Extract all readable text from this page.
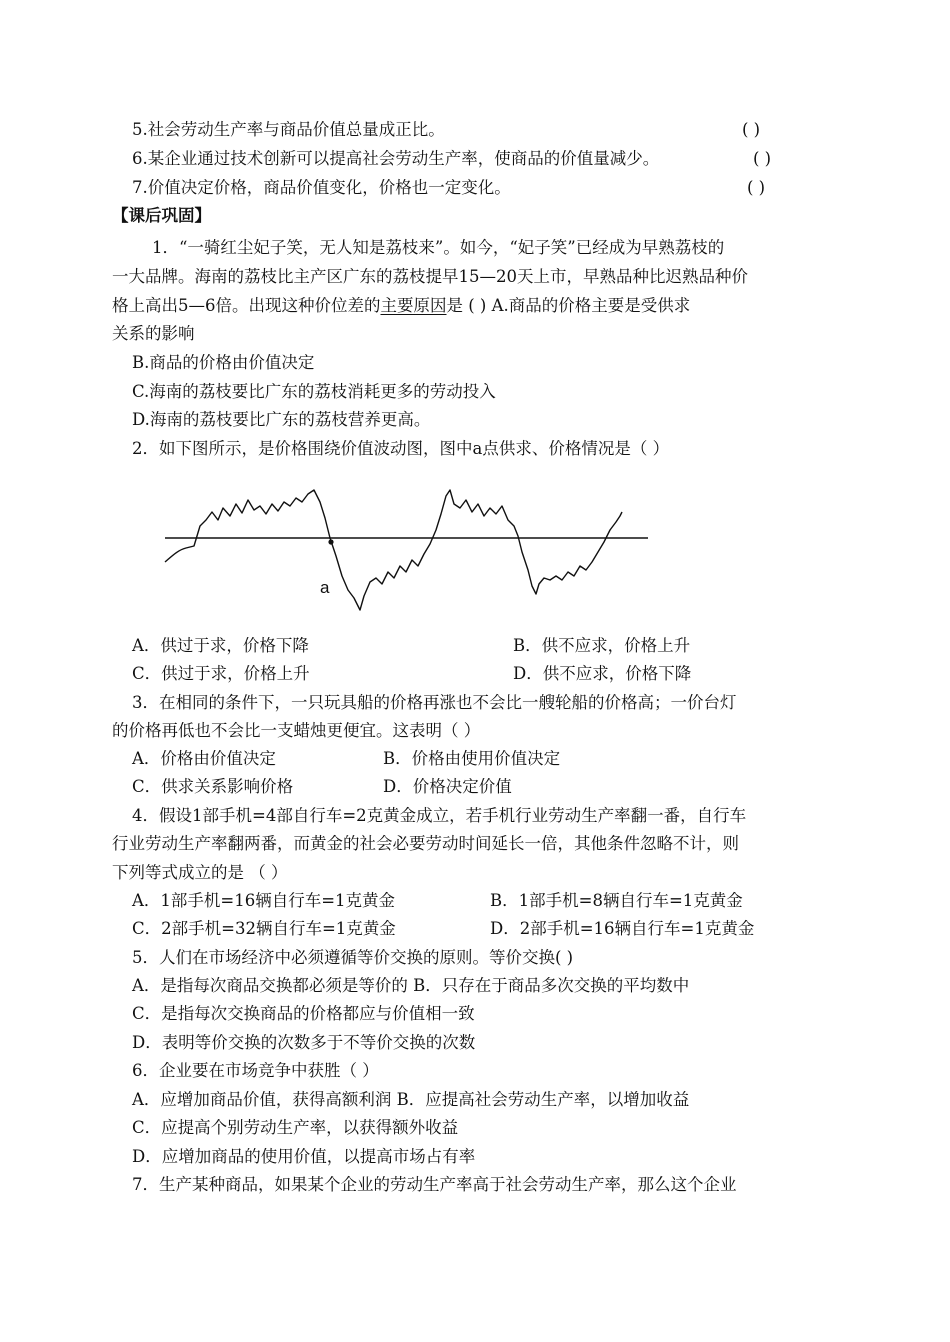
5.社会劳动生产率与商品价值总量成正比。	( )
6.某企业通过技术创新可以提高社会劳动生产率，使商品的价值量减少。	( )
7.价值决定价格，商品价值变化，价格也一定变化。	( )
【课后巩固】
1．“一骑红尘妃子笑，无人知是荔枝来”。如今，“妃子笑”已经成为早熟荔枝的
一大品牌。海南的荔枝比主产区广东的荔枝提早15—20天上市，早熟品种比迟熟品种价
格上高出5—6倍。出现这种价位差的主要原因是 ( ) A.商品的价格主要是受供求
关系的影响
B.商品的价格由价值决定
C.海南的荔枝要比广东的荔枝消耗更多的劳动投入
D.海南的荔枝要比广东的荔枝营养更高。
2．如下图所示，是价格围绕价值波动图，图中a点供求、价格情况是（ ）
a
A．供过于求，价格下降	B．供不应求，价格上升
C．供过于求，价格上升	D．供不应求，价格下降
3．在相同的条件下，一只玩具船的价格再涨也不会比一艘轮船的价格高；一价台灯
的价格再低也不会比一支蜡烛更便宜。这表明（ ）
A．价格由价值决定	B．价格由使用价值决定
C．供求关系影响价格	D．价格决定价值
4．假设1部手机=4部自行车=2克黄金成立，若手机行业劳动生产率翻一番，自行车
行业劳动生产率翻两番，而黄金的社会必要劳动时间延长一倍，其他条件忽略不计，则
下列等式成立的是 （ ）
A．1部手机=16辆自行车=1克黄金	B．1部手机=8辆自行车=1克黄金
C．2部手机=32辆自行车=1克黄金	D．2部手机=16辆自行车=1克黄金
5．人们在市场经济中必须遵循等价交换的原则。等价交换( )
A．是指每次商品交换都必须是等价的 B．只存在于商品多次交换的平均数中
C．是指每次交换商品的价格都应与价值相一致
D．表明等价交换的次数多于不等价交换的次数
6．企业要在市场竞争中获胜（ ）
A．应增加商品价值，获得高额利润 B．应提高社会劳动生产率，以增加收益
C．应提高个别劳动生产率，以获得额外收益
D．应增加商品的使用价值，以提高市场占有率
7．生产某种商品，如果某个企业的劳动生产率高于社会劳动生产率，那么这个企业
